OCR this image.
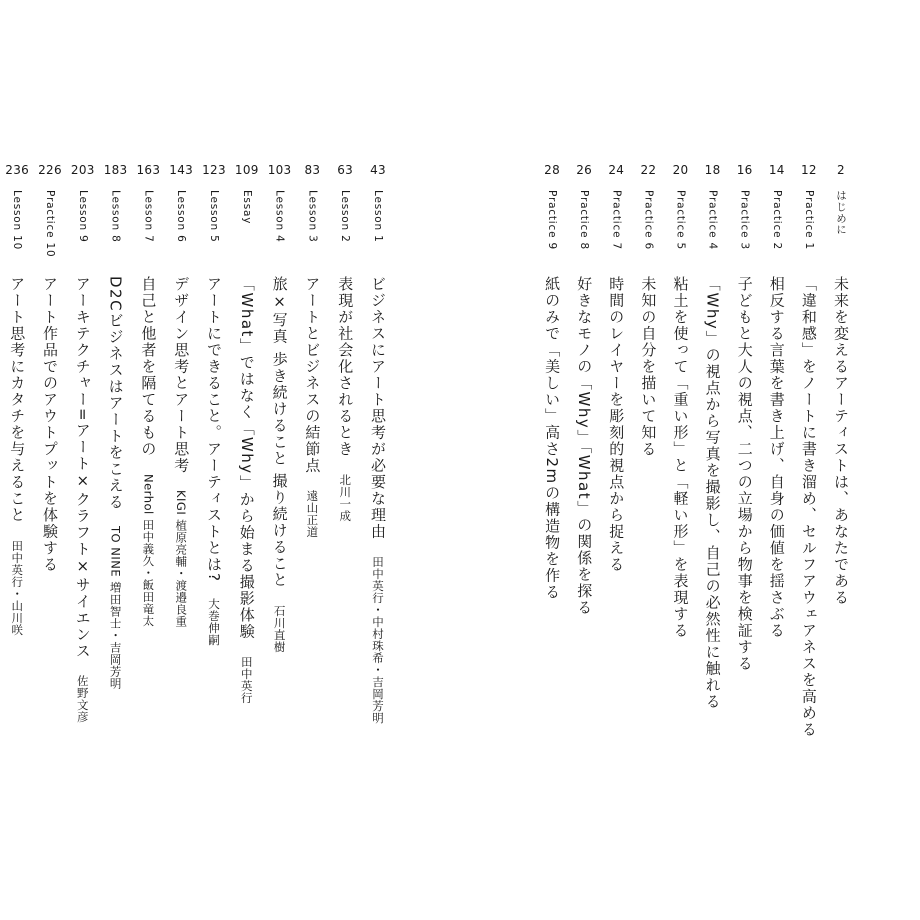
2
はじめに
未来を変えるアーティストは、あなたである
12
Practice 1
「違和感」をノートに書き溜め、セルフアウェアネスを高める
14
Practice 2
相反する言葉を書き上げ、自身の価値を揺さぶる
16
Practice 3
子どもと大人の視点、二つの立場から物事を検証する
18
Practice 4
「Why」の視点から写真を撮影し、自己の必然性に触れる
20
Practice 5
粘土を使って「重い形」と「軽い形」を表現する
22
Practice 6
未知の自分を描いて知る
24
Practice 7
時間のレイヤーを彫刻的視点から捉える
26
Practice 8
好きなモノの「Why」「What」の関係を探る
28
Practice 9
紙のみで「美しい」高さ2mの構造物を作る
43
Lesson 1
ビジネスにアート思考が必要な理由田中英行・中村珠希・吉岡芳明
63
Lesson 2
表現が社会化されるとき北川一成
83
Lesson 3
アートとビジネスの結節点遠山正道
103
Lesson 4
旅×写真 歩き続けること 撮り続けること石川直樹
109
Essay
「What」ではなく「Why」から始まる撮影体験田中英行
123
Lesson 5
アートにできること。アーティストとは?大巻伸嗣
143
Lesson 6
デザイン思考とアート思考KIGI 植原亮輔・渡邉良重
163
Lesson 7
自己と他者を隔てるものNerhol 田中義久・飯田竜太
183
Lesson 8
D2CビジネスはアートをこえるTO NINE 増田智士・吉岡芳明
203
Lesson 9
アーキテクチャー=アート×クラフト×サイエンス佐野文彦
226
Practice 10
アート作品でのアウトプットを体験する
236
Lesson 10
アート思考にカタチを与えること田中英行・山川咲
